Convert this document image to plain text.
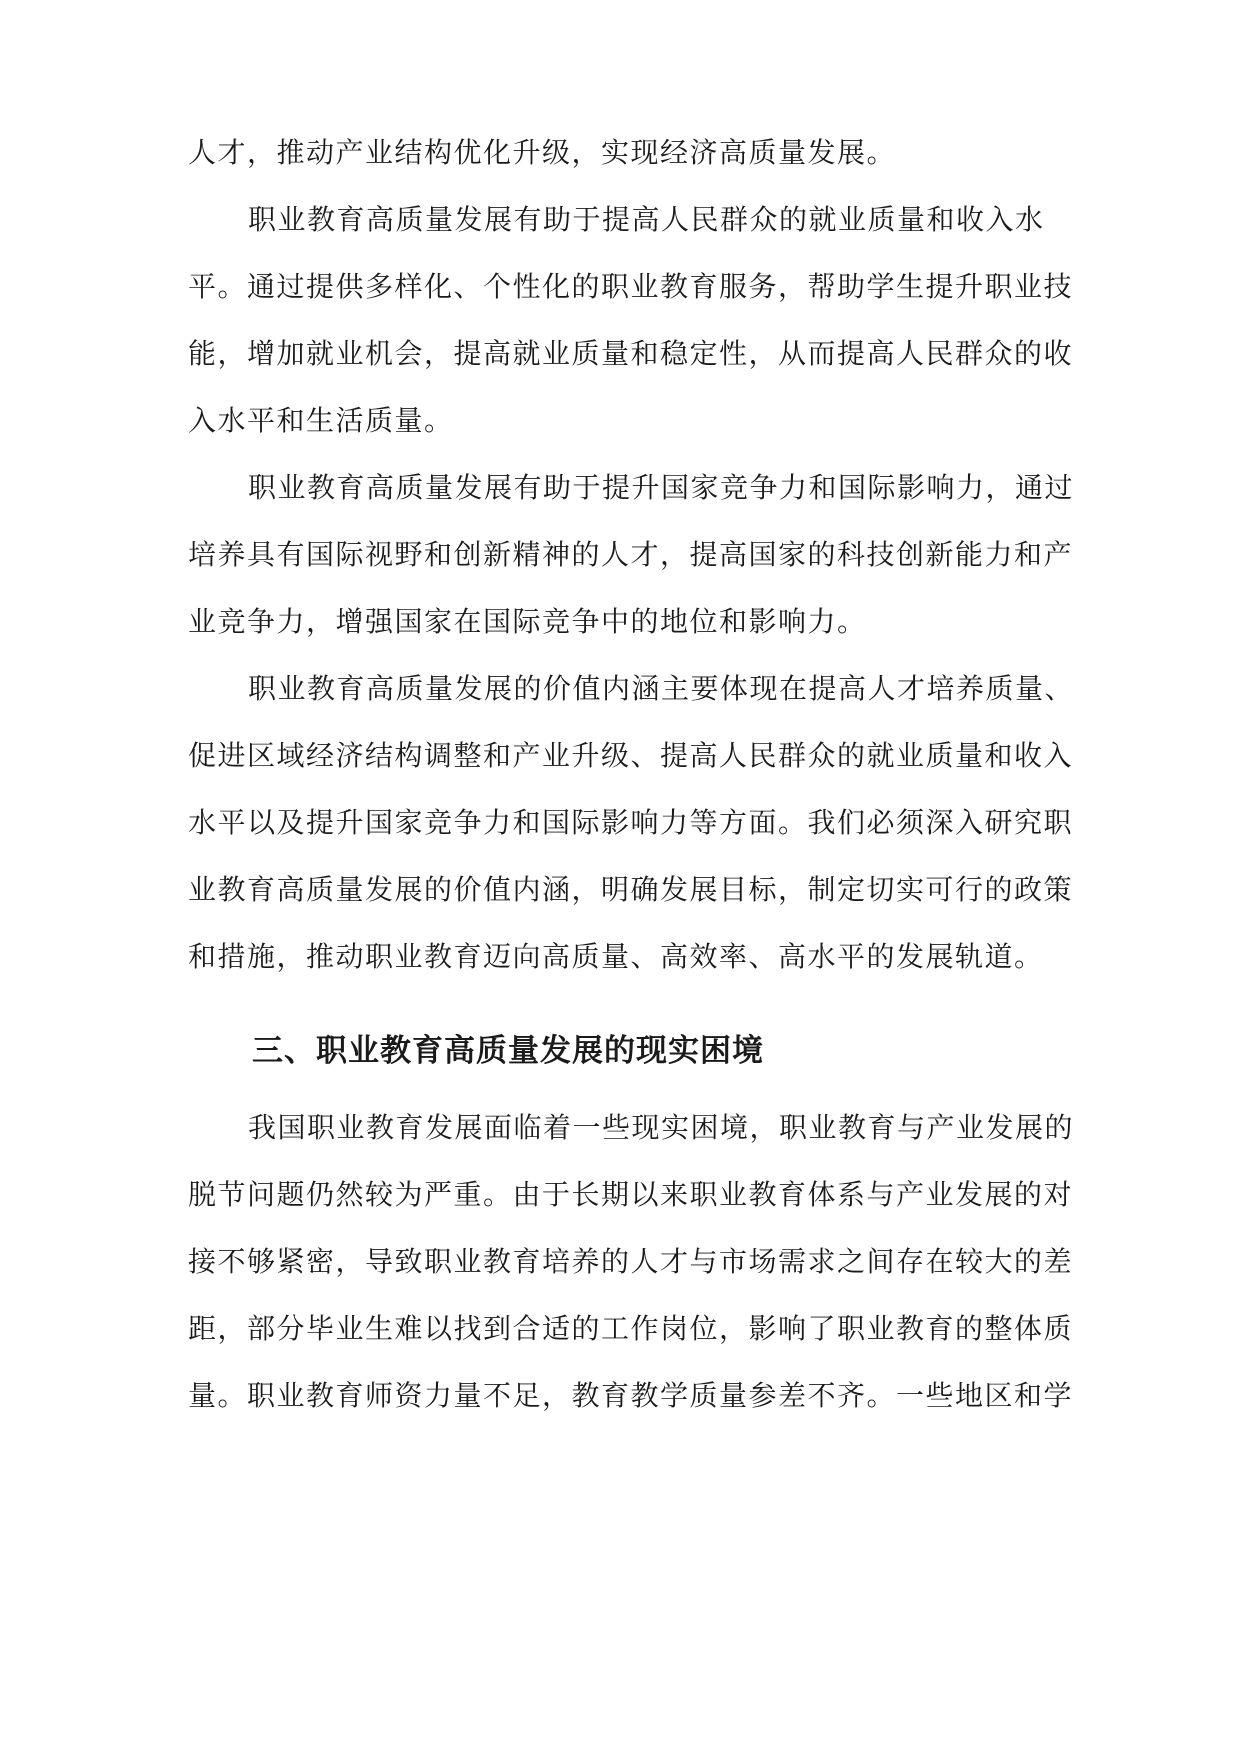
人才，推动产业结构优化升级，实现经济高质量发展。
职业教育高质量发展有助于提高人民群众的就业质量和收入水
平。通过提供多样化、个性化的职业教育服务，帮助学生提升职业技
能，增加就业机会，提高就业质量和稳定性，从而提高人民群众的收
入水平和生活质量。
职业教育高质量发展有助于提升国家竞争力和国际影响力，通过
培养具有国际视野和创新精神的人才，提高国家的科技创新能力和产
业竞争力，增强国家在国际竞争中的地位和影响力。
职业教育高质量发展的价值内涵主要体现在提高人才培养质量、
促进区域经济结构调整和产业升级、提高人民群众的就业质量和收入
水平以及提升国家竞争力和国际影响力等方面。我们必须深入研究职
业教育高质量发展的价值内涵，明确发展目标，制定切实可行的政策
和措施，推动职业教育迈向高质量、高效率、高水平的发展轨道。
三、职业教育高质量发展的现实困境
我国职业教育发展面临着一些现实困境，职业教育与产业发展的
脱节问题仍然较为严重。由于长期以来职业教育体系与产业发展的对
接不够紧密，导致职业教育培养的人才与市场需求之间存在较大的差
距，部分毕业生难以找到合适的工作岗位，影响了职业教育的整体质
量。职业教育师资力量不足，教育教学质量参差不齐。一些地区和学
